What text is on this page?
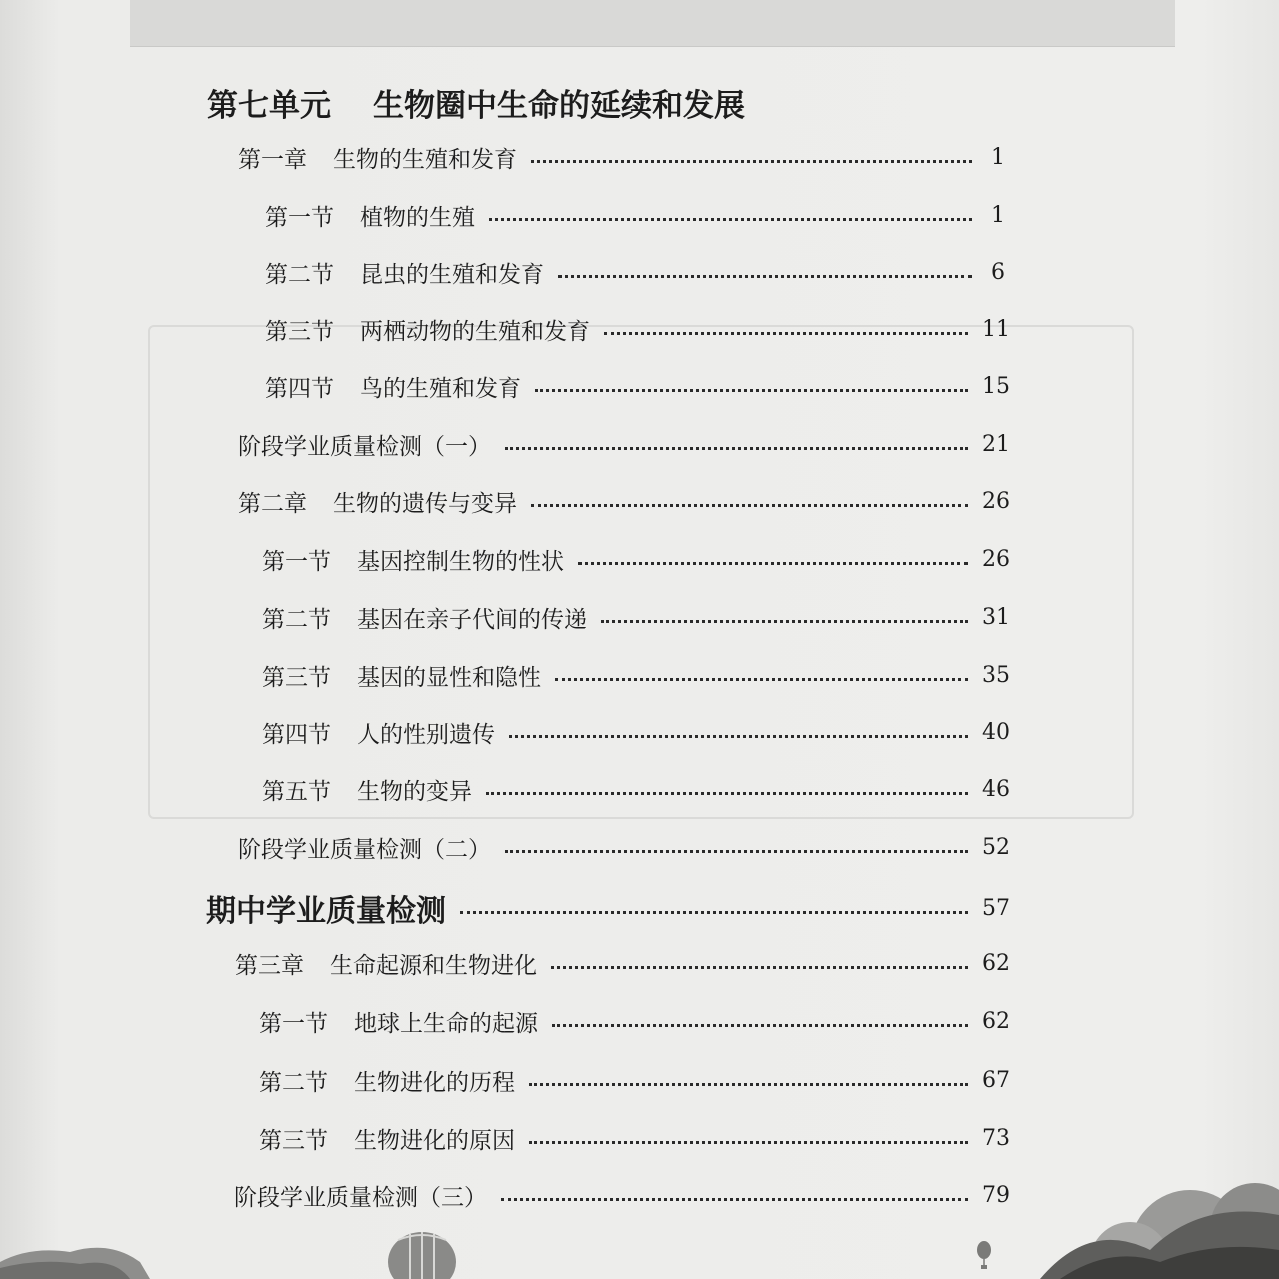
第七单元 生物圈中生命的延续和发展
第一章 生物的生殖和发育	1
第一节 植物的生殖	1
第二节 昆虫的生殖和发育	6
第三节 两栖动物的生殖和发育	11
第四节 鸟的生殖和发育	15
阶段学业质量检测（一）	21
第二章 生物的遗传与变异	26
第一节 基因控制生物的性状	26
第二节 基因在亲子代间的传递	31
第三节 基因的显性和隐性	35
第四节 人的性别遗传	40
第五节 生物的变异	46
阶段学业质量检测（二）	52
期中学业质量检测	57
第三章 生命起源和生物进化	62
第一节 地球上生命的起源	62
第二节 生物进化的历程	67
第三节 生物进化的原因	73
阶段学业质量检测（三）	79
